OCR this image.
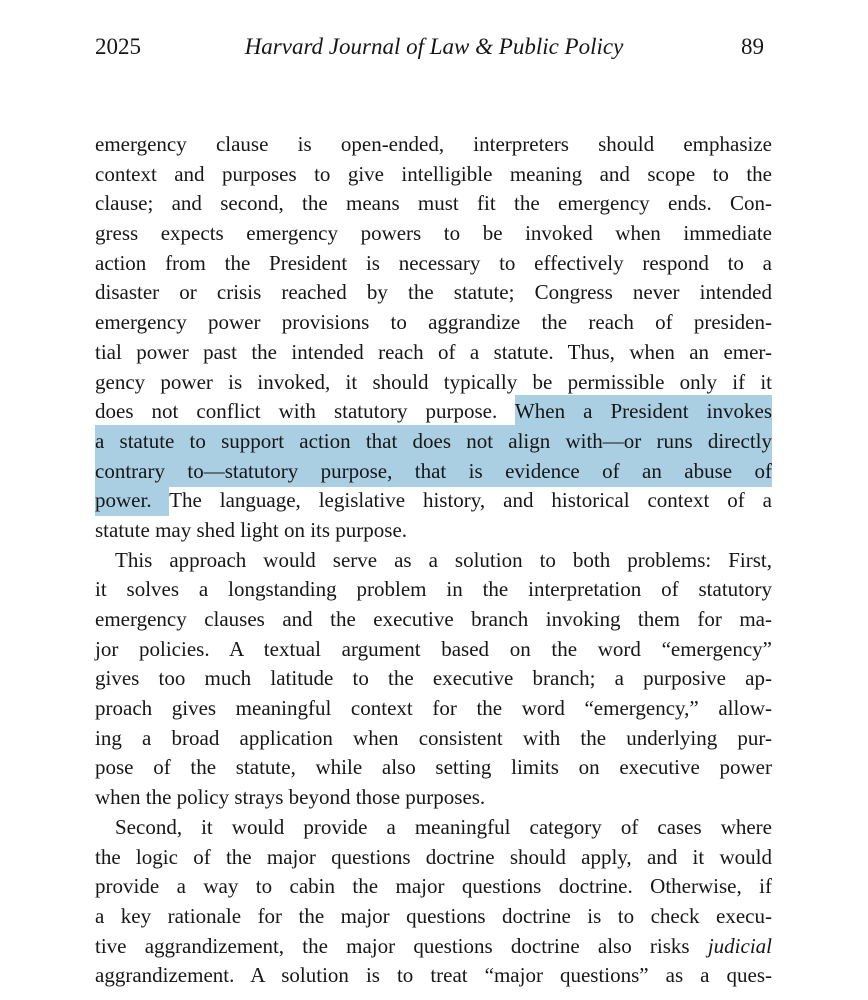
2025	Harvard Journal of Law & Public Policy	89
emergency clause is open-ended, interpreters should emphasize
context and purposes to give intelligible meaning and scope to the
clause; and second, the means must fit the emergency ends. Con-
gress expects emergency powers to be invoked when immediate
action from the President is necessary to effectively respond to a
disaster or crisis reached by the statute; Congress never intended
emergency power provisions to aggrandize the reach of presiden-
tial power past the intended reach of a statute. Thus, when an emer-
gency power is invoked, it should typically be permissible only if it
does not conflict with statutory purpose. When a President invokes
a statute to support action that does not align with—or runs directly
contrary to—statutory purpose, that is evidence of an abuse of
power. The language, legislative history, and historical context of a
statute may shed light on its purpose.
This approach would serve as a solution to both problems: First,
it solves a longstanding problem in the interpretation of statutory
emergency clauses and the executive branch invoking them for ma-
jor policies. A textual argument based on the word “emergency”
gives too much latitude to the executive branch; a purposive ap-
proach gives meaningful context for the word “emergency,” allow-
ing a broad application when consistent with the underlying pur-
pose of the statute, while also setting limits on executive power
when the policy strays beyond those purposes.
Second, it would provide a meaningful category of cases where
the logic of the major questions doctrine should apply, and it would
provide a way to cabin the major questions doctrine. Otherwise, if
a key rationale for the major questions doctrine is to check execu-
tive aggrandizement, the major questions doctrine also risks judicial
aggrandizement. A solution is to treat “major questions” as a ques-
